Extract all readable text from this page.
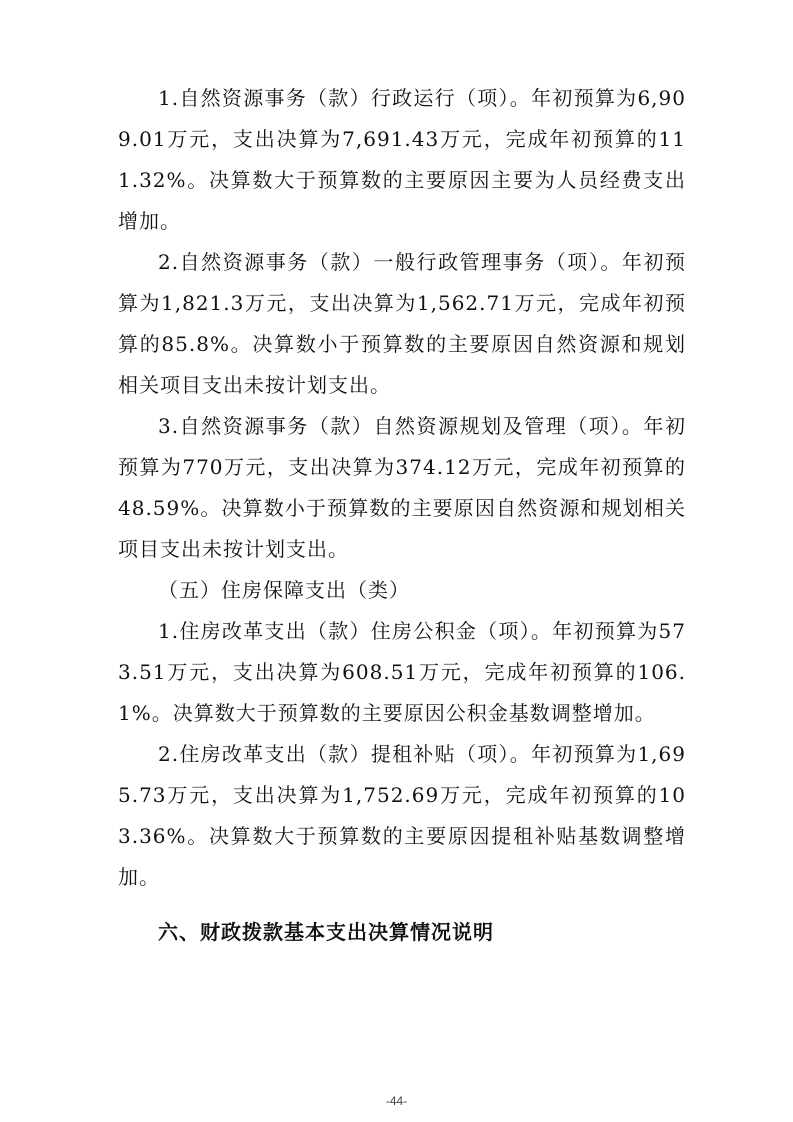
1.自然资源事务（款）行政运行（项）。年初预算为6,909.01万元，支出决算为7,691.43万元，完成年初预算的111.32%。决算数大于预算数的主要原因主要为人员经费支出增加。

2.自然资源事务（款）一般行政管理事务（项）。年初预算为1,821.3万元，支出决算为1,562.71万元，完成年初预算的85.8%。决算数小于预算数的主要原因自然资源和规划相关项目支出未按计划支出。

3.自然资源事务（款）自然资源规划及管理（项）。年初预算为770万元，支出决算为374.12万元，完成年初预算的48.59%。决算数小于预算数的主要原因自然资源和规划相关项目支出未按计划支出。

（五）住房保障支出（类）

1.住房改革支出（款）住房公积金（项）。年初预算为573.51万元，支出决算为608.51万元，完成年初预算的106.1%。决算数大于预算数的主要原因公积金基数调整增加。

2.住房改革支出（款）提租补贴（项）。年初预算为1,695.73万元，支出决算为1,752.69万元，完成年初预算的103.36%。决算数大于预算数的主要原因提租补贴基数调整增加。

六、财政拨款基本支出决算情况说明
-44-
